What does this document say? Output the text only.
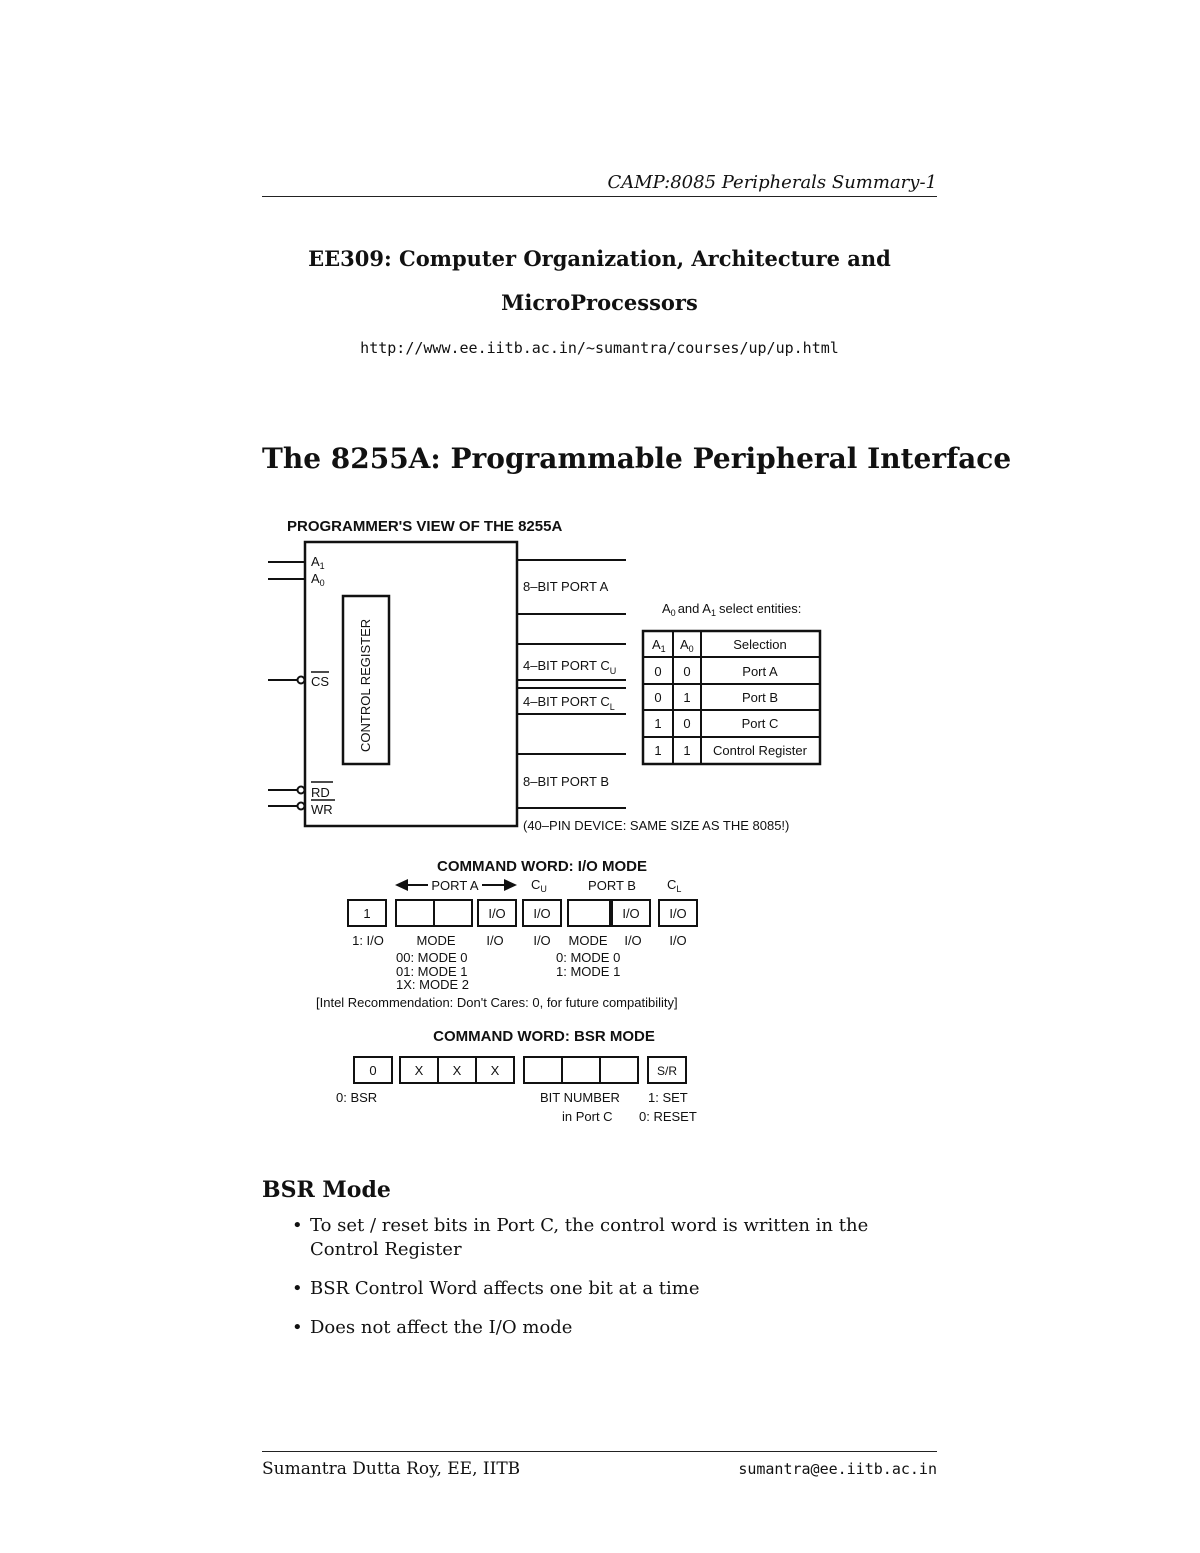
CAMP:8085 Peripherals Summary-1
EE309: Computer Organization, Architecture and
MicroProcessors
http://www.ee.iitb.ac.in/~sumantra/courses/up/up.html
The 8255A: Programmable Peripheral Interface
PROGRAMMER'S VIEW OF THE 8255A
$A_1$
$A_0$
CS
RD
WR
CONTROL REGISTER
8–BIT PORT A
4–BIT PORT $C_U$
4–BIT PORT $C_L$
8–BIT PORT B
(40–PIN DEVICE: SAME SIZE AS THE 8085!)
$A_0$ and $A_1$ select entities:
$A_1$ $A_0$	Selection
0 0	Port A
0 1	Port B
1 0	Port C
1 1 Control Register
COMMAND WORD: I/O MODE
PORT A	$C_U$	PORT B $C_L$
1	I/O I/O	I/O I/O
1: I/O	MODE I/O I/O MODE I/O I/O
00: MODE 0
01: MODE 1
1X: MODE 2
0: MODE 0
1: MODE 1
[Intel Recommendation: Don't Cares: 0, for future compatibility]
COMMAND WORD: BSR MODE
0	X X X	S/R
0: BSR	BIT NUMBER 1: SET
in Port C 0: RESET
BSR Mode
• To set / reset bits in Port C, the control word is written in the Control Register
• BSR Control Word affects one bit at a time
• Does not affect the I/O mode
Sumantra Dutta Roy, EE, IITB	sumantra@ee.iitb.ac.in
